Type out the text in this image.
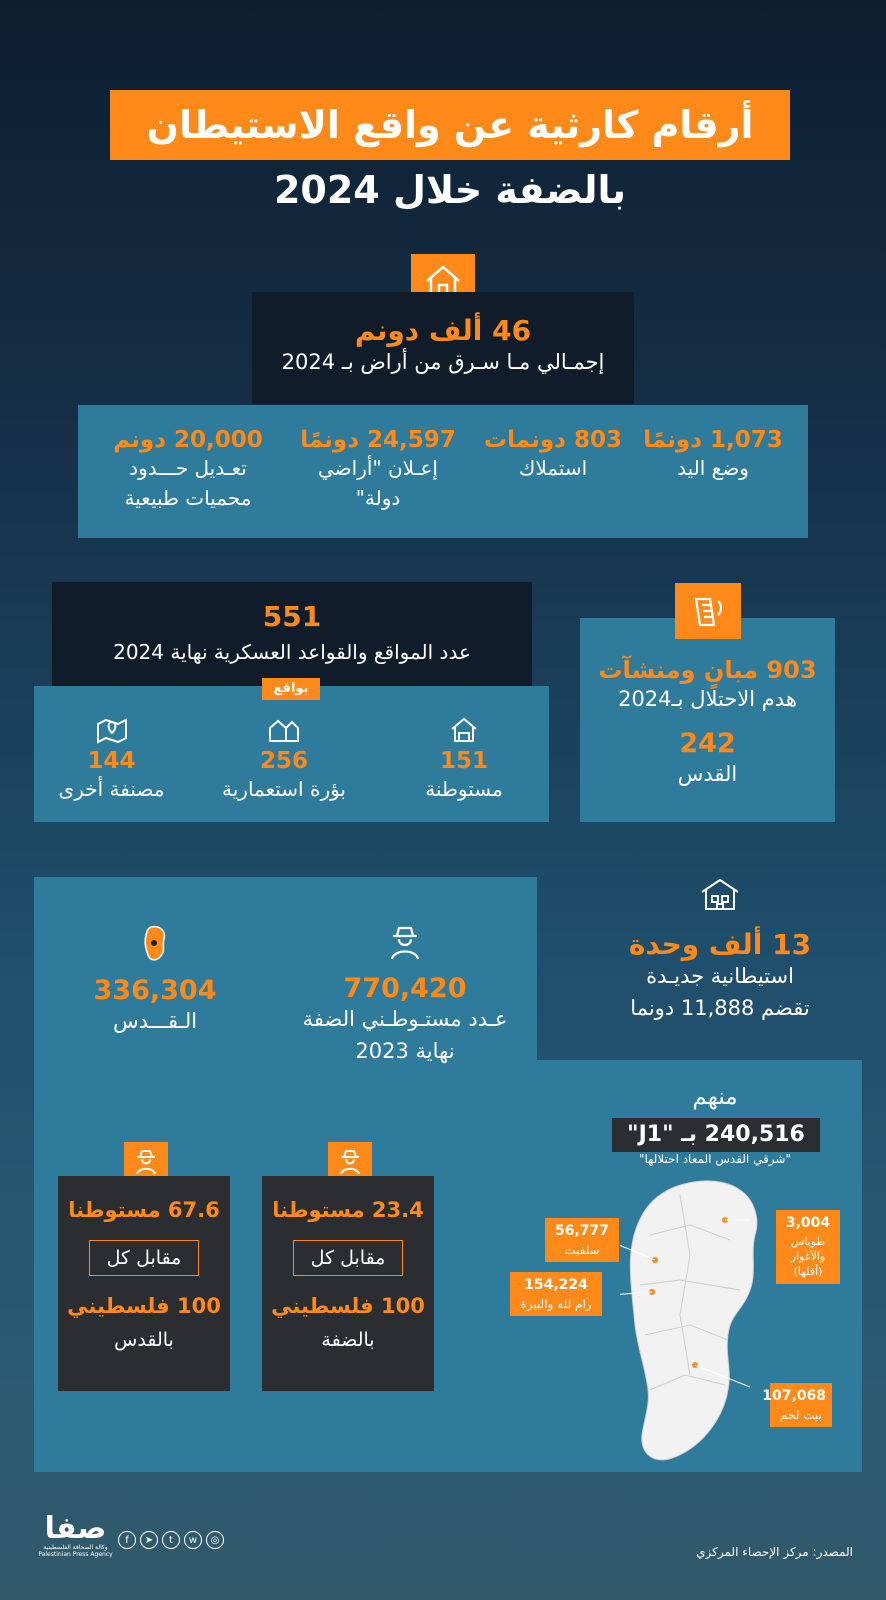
أرقام كارثية عن واقع الاستيطان
بالضفة خلال 2024
46 ألف دونم
إجمـالي مـا سـرق من أراض بـ 2024
1,073 دونمًا
وضع اليد
803 دونمات
استملاك
24,597 دونمًا
إعـلان "أراضي دولة"
20,000 دونم
تعـديل حـــدود محميات طبيعية
551
عدد المواقع والقواعد العسكرية نهاية 2024
بواقع
151
مستوطنة
256
بؤرة استعمارية
144
مصنفة أخرى
903 مبانٍ ومنشآت
هدم الاحتلال بـ2024
242
القدس
13 ألف وحدة
استيطانية جديـدة
تقضم 11,888 دونما
770,420
عـدد مستـوطـني الضفة نهاية 2023
336,304
الـقـــدس
منهم
240,516 بـ "J1"
"شرقي القدس المعاد احتلالها"
56,777
سلفيت
154,224
رام لله والبيرة
3,004
طوباس والأغوار (أقلها)
107,068
بيت لحم
23.4 مستوطنا
مقابل كل
100 فلسطيني
بالضفة
67.6 مستوطنا
مقابل كل
100 فلسطيني
بالقدس
المصدر: مركز الإحصاء المركزي
صفا
وكالة الصحافة الفلسطينية
Palestinian Press Agency
f	➤	t	w	◎
